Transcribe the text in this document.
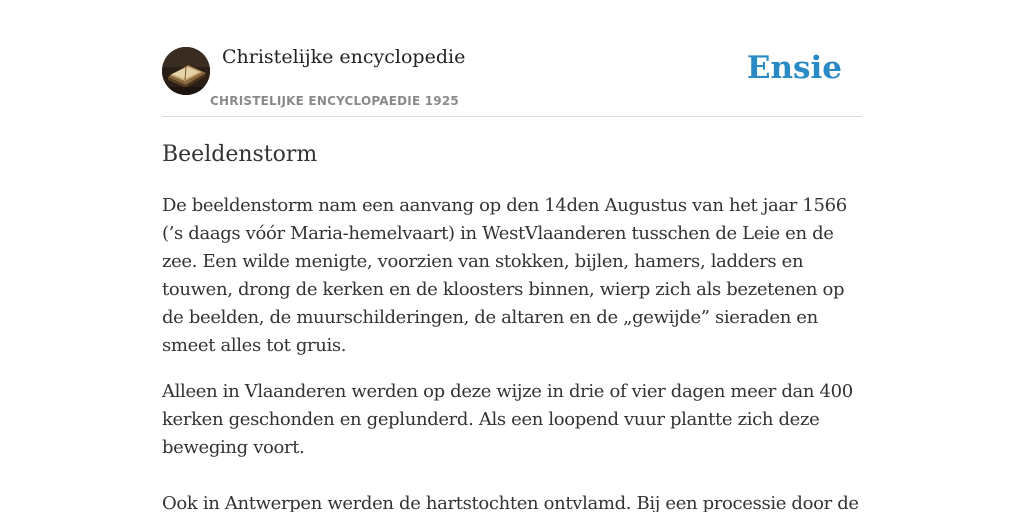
Christelijke encyclopedie
CHRISTELIJKE ENCYCLOPAEDIE 1925
Ensie
Beeldenstorm

De beeldenstorm nam een aanvang op den 14den Augustus van het jaar 1566 (’s daags vóór Maria-hemelvaart) in WestVlaanderen tusschen de Leie en de zee. Een wilde menigte, voorzien van stokken, bijlen, hamers, ladders en touwen, drong de kerken en de kloosters binnen, wierp zich als bezetenen op de beelden, de muurschilderingen, de altaren en de „gewijde” sieraden en smeet alles tot gruis.

Alleen in Vlaanderen werden op deze wijze in drie of vier dagen meer dan 400 kerken geschonden en geplunderd. Als een loopend vuur plantte zich deze beweging voort.

Ook in Antwerpen werden de hartstochten ontvlamd. Bij een processie door de
